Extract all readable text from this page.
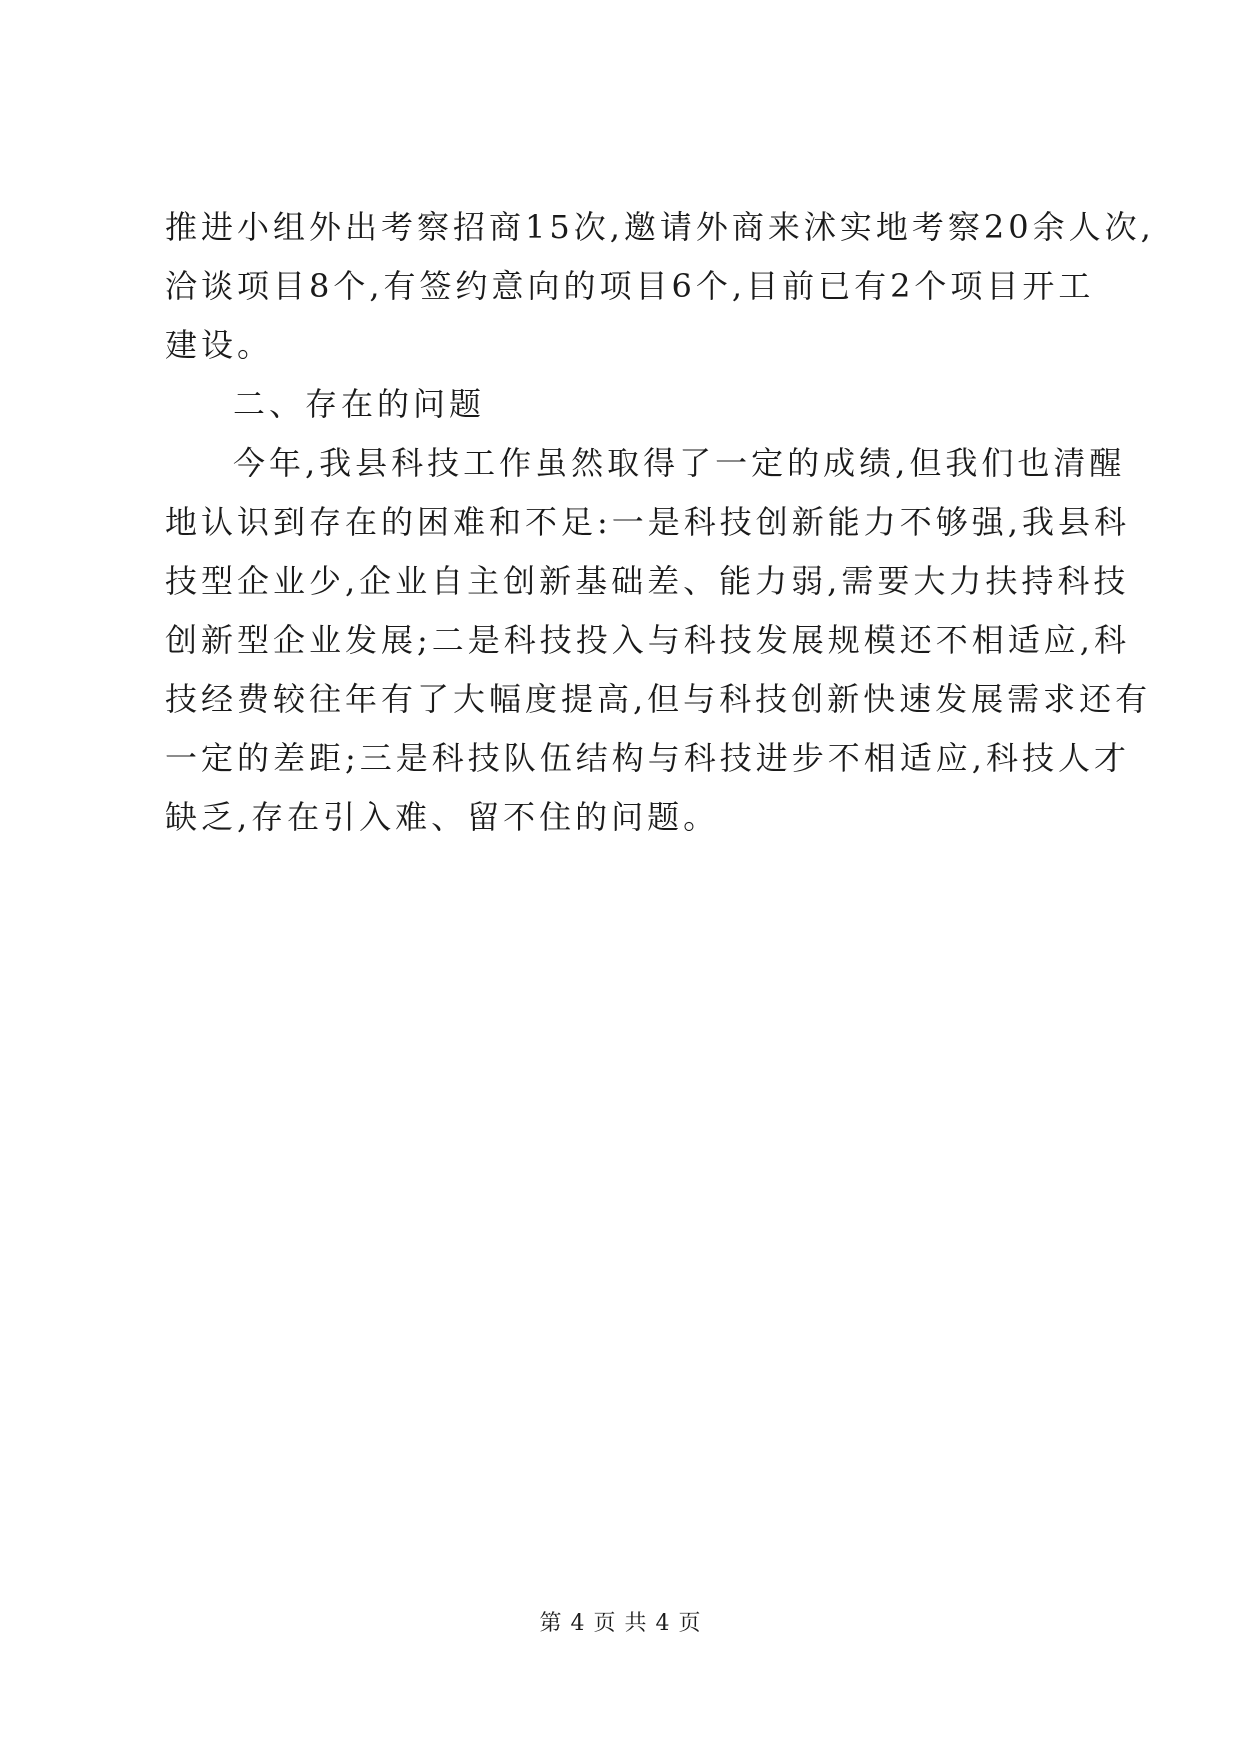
推进小组外出考察招商15次,邀请外商来沭实地考察20余人次,
洽谈项目8个,有签约意向的项目6个,目前已有2个项目开工
建设。
二、存在的问题
今年,我县科技工作虽然取得了一定的成绩,但我们也清醒
地认识到存在的困难和不足:一是科技创新能力不够强,我县科
技型企业少,企业自主创新基础差、能力弱,需要大力扶持科技
创新型企业发展;二是科技投入与科技发展规模还不相适应,科
技经费较往年有了大幅度提高,但与科技创新快速发展需求还有
一定的差距;三是科技队伍结构与科技进步不相适应,科技人才
缺乏,存在引入难、留不住的问题。
第 4 页 共 4 页
